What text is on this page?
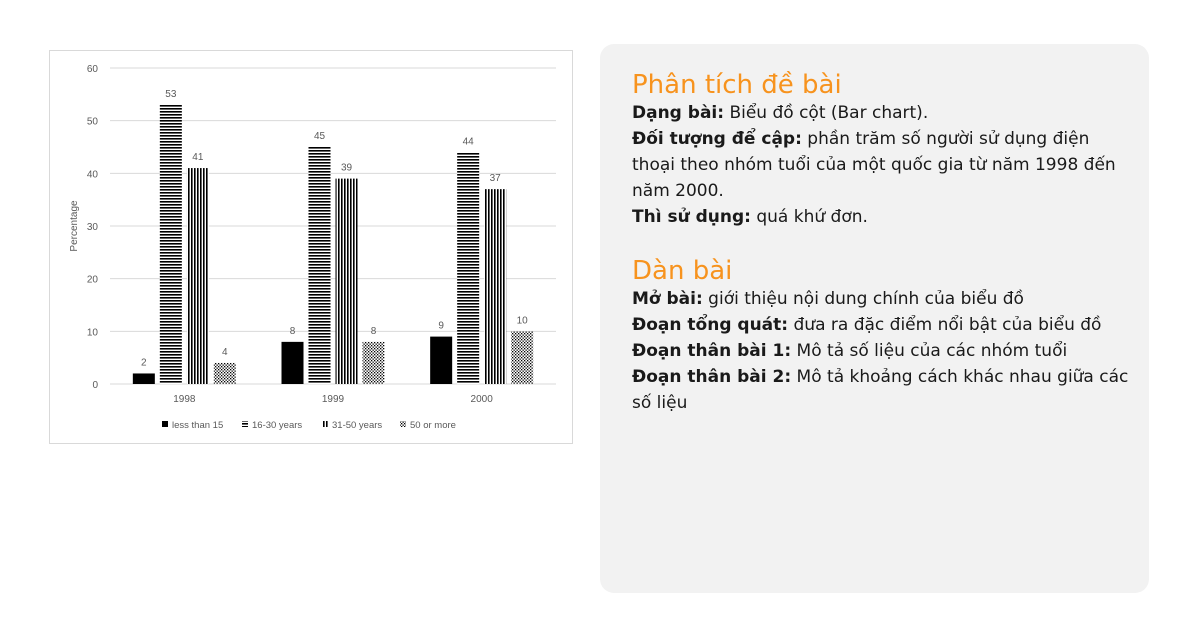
0
10
20
30
40
50
60
Percentage
2
53
41
4
1998
8
45
39
8
1999
9
44
37
10
2000
less than 15	16-30 years	31-50 years	50 or more
Phân tích đề bài

Dạng bài: Biểu đồ cột (Bar chart).

Đối tượng để cập: phần trăm số người sử dụng điện thoại theo nhóm tuổi của một quốc gia từ năm 1998 đến năm 2000.

Thì sử dụng: quá khứ đơn.

Dàn bài

Mở bài: giới thiệu nội dung chính của biểu đồ

Đoạn tổng quát: đưa ra đặc điểm nổi bật của biểu đồ

Đoạn thân bài 1: Mô tả số liệu của các nhóm tuổi

Đoạn thân bài 2: Mô tả khoảng cách khác nhau giữa các số liệu
